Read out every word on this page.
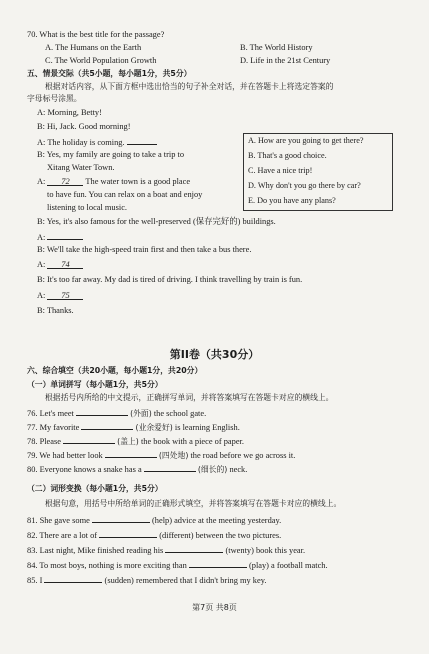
70. What is the best title for the passage?
A. The Humans on the Earth	B. The World History
C. The World Population Growth	D. Life in the 21st Century
五、情景交际（共5小题，每小题1分，共5分）
根据对话内容，从下面方框中选出恰当的句子补全对话，并在答题卡上将选定答案的
字母标号涂黑。
A: Morning, Betty!
B: Hi, Jack. Good morning!
A: The holiday is coming.
B: Yes, my family are going to take a trip to
Xitang Water Town.
A: 72 The water town is a good place
to have fun. You can relax on a boat and enjoy
listening to local music.
B: Yes, it's also famous for the well-preserved (保存完好的) buildings.
A:
B: We'll take the high-speed train first and then take a bus there.
A: 74
B: It's too far away. My dad is tired of driving. I think travelling by train is fun.
A: 75
B: Thanks.
A. How are you going to get there?
B. That's a good choice.
C. Have a nice trip!
D. Why don't you go there by car?
E. Do you have any plans?
第II卷（共30分）
六、综合填空（共20小题，每小题1分，共20分）
（一）单词拼写（每小题1分，共5分）
根据括号内所给的中文提示，正确拼写单词，并将答案填写在答题卡对应的横线上。
76. Let's meet	(外面) the school gate.
77. My favorite	(业余爱好) is learning English.
78. Please	(盖上) the book with a piece of paper.
79. We had better look	(四处地) the road before we go across it.
80. Everyone knows a snake has a	(细长的) neck.
（二）词形变换（每小题1分，共5分）
根据句意，用括号中所给单词的正确形式填空，并将答案填写在答题卡对应的横线上。
81. She gave some	(help) advice at the meeting yesterday.
82. There are a lot of	(different) between the two pictures.
83. Last night, Mike finished reading his	(twenty) book this year.
84. To most boys, nothing is more exciting than	(play) a football match.
85. I	(sudden) remembered that I didn't bring my key.
第7页 共8页
